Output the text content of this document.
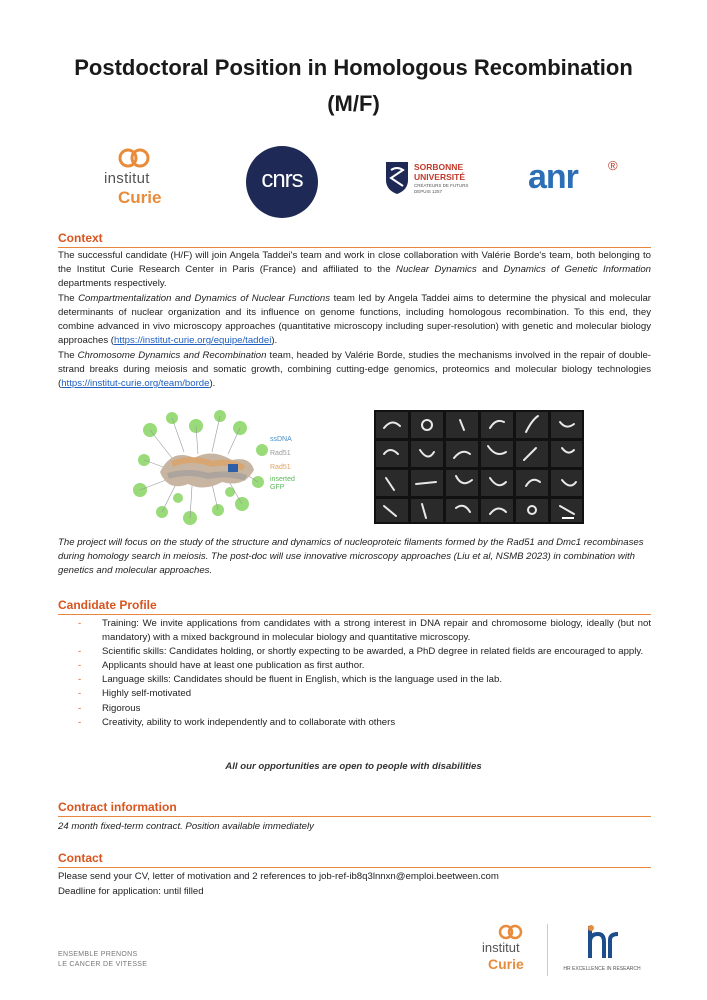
Postdoctoral Position in Homologous Recombination
(M/F)
institut
Curie
cnrs	SORBONNE
UNIVERSITÉ
CRÉATEURS DE FUTURS
DEPUIS 1257	anr ®
Context
The successful candidate (H/F) will join Angela Taddei's team and work in close collaboration with Valérie Borde's team, both belonging to the Institut Curie Research Center in Paris (France) and affiliated to the Nuclear Dynamics and Dynamics of Genetic Information departments respectively.
The Compartmentalization and Dynamics of Nuclear Functions team led by Angela Taddei aims to determine the physical and molecular determinants of nuclear organization and its influence on genome functions, including homologous recombination. To this end, they combine advanced in vivo microscopy approaches (quantitative microscopy including super-resolution) with genetic and molecular biology approaches (https://institut-curie.org/equipe/taddei).
The Chromosome Dynamics and Recombination team, headed by Valérie Borde, studies the mechanisms involved in the repair of double-strand breaks during meiosis and somatic growth, combining cutting-edge genomics, proteomics and molecular biology technologies (https://institut-curie.org/team/borde).
ssDNA
Rad51
Rad51
inserted
GFP
The project will focus on the study of the structure and dynamics of nucleoproteic filaments formed by the Rad51 and Dmc1 recombinases during homology search in meiosis. The post-doc will use innovative microscopy approaches (Liu et al, NSMB 2023) in combination with genetics and molecular approaches.
Candidate Profile
- Training: We invite applications from candidates with a strong interest in DNA repair and chromosome biology, ideally (but not mandatory) with a mixed background in molecular biology and quantitative microscopy.
- Scientific skills: Candidates holding, or shortly expecting to be awarded, a PhD degree in related fields are encouraged to apply.
- Applicants should have at least one publication as first author.
- Language skills: Candidates should be fluent in English, which is the language used in the lab.
- Highly self-motivated
- Rigorous
- Creativity, ability to work independently and to collaborate with others
All our opportunities are open to people with disabilities
Contract information
24 month fixed-term contract. Position available immediately
Contact
Please send your CV, letter of motivation and 2 references to job-ref-ib8q3lnnxn@emploi.beetween.com
Deadline for application: until filled
ENSEMBLE PRENONS
LE CANCER DE VITESSE
institut
Curie	HR EXCELLENCE IN RESEARCH
